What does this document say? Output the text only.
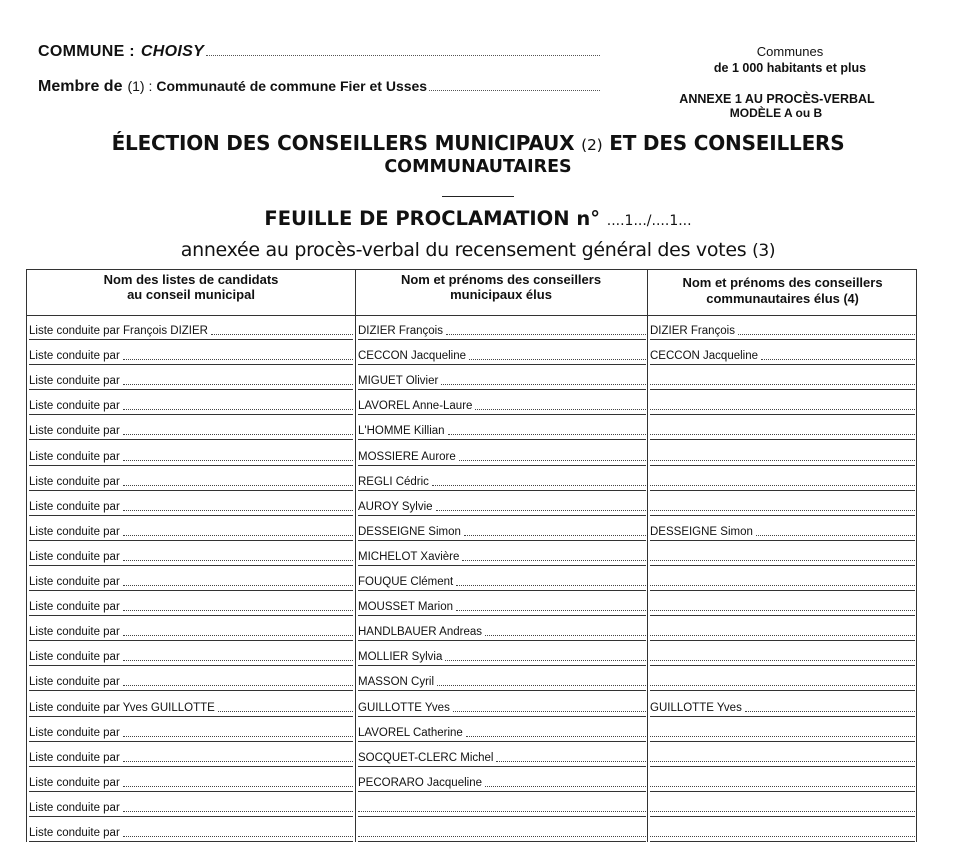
COMMUNE : CHOISY
Membre de (1) : Communauté de commune Fier et Usses
Communes
de 1 000 habitants et plus
ANNEXE 1 AU PROCÈS-VERBAL
MODÈLE A ou B
ÉLECTION DES CONSEILLERS MUNICIPAUX (2) ET DES CONSEILLERS
COMMUNAUTAIRES
FEUILLE DE PROCLAMATION n° ....1.../....1...
annexée au procès-verbal du recensement général des votes (3)
Nom des listes de candidats
au conseil municipal
Nom et prénoms des conseillers
municipaux élus
Nom et prénoms des conseillers
communautaires élus (4)
Liste conduite par François DIZIER	DIZIER François	DIZIER François
Liste conduite par	CECCON Jacqueline	CECCON Jacqueline
Liste conduite par	MIGUET Olivier
Liste conduite par	LAVOREL Anne-Laure
Liste conduite par	L'HOMME Killian
Liste conduite par	MOSSIERE Aurore
Liste conduite par	REGLI Cédric
Liste conduite par	AUROY Sylvie
Liste conduite par	DESSEIGNE Simon	DESSEIGNE Simon
Liste conduite par	MICHELOT Xavière
Liste conduite par	FOUQUE Clément
Liste conduite par	MOUSSET Marion
Liste conduite par	HANDLBAUER Andreas
Liste conduite par	MOLLIER Sylvia
Liste conduite par	MASSON Cyril
Liste conduite par Yves GUILLOTTE	GUILLOTTE Yves	GUILLOTTE Yves
Liste conduite par	LAVOREL Catherine
Liste conduite par	SOCQUET-CLERC Michel
Liste conduite par	PECORARO Jacqueline
Liste conduite par
Liste conduite par
